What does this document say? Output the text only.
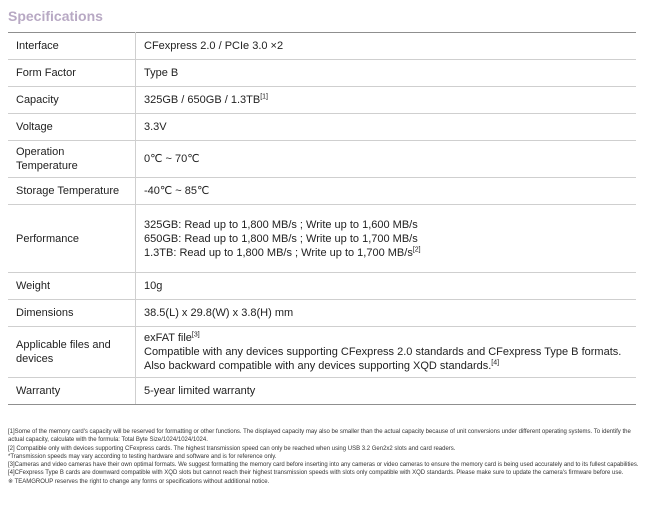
Specifications
Interface	CFexpress 2.0 / PCIe 3.0 ×2
Form Factor	Type B
Capacity	325GB / 650GB / 1.3TB[1]
Voltage	3.3V
Operation Temperature	0℃ ~ 70℃
Storage Temperature	-40℃ ~ 85℃
Performance	325GB: Read up to 1,800 MB/s ; Write up to 1,600 MB/s
650GB: Read up to 1,800 MB/s ; Write up to 1,700 MB/s
1.3TB: Read up to 1,800 MB/s ; Write up to 1,700 MB/s[2]

Weight	10g
Dimensions	38.5(L) x 29.8(W) x 3.8(H) mm
Applicable files and devices	exFAT file[3]
Compatible with any devices supporting CFexpress 2.0 standards and CFexpress Type B formats.
Also backward compatible with any devices supporting XQD standards.[4]

Warranty	5-year limited warranty
[1]Some of the memory card's capacity will be reserved for formatting or other functions. The displayed capacity may also be smaller than the actual capacity because of unit conversions under different operating systems. To identify the actual capacity, calculate with the formula: Total Byte Size/1024/1024/1024.
[2] Compatible only with devices supporting CFexpress cards. The highest transmission speed can only be reached when using USB 3.2 Gen2x2 slots and card readers.
*Transmission speeds may vary according to testing hardware and software and is for reference only.
[3]Cameras and video cameras have their own optimal formats. We suggest formatting the memory card before inserting into any cameras or video cameras to ensure the memory card is being used accurately and to its fullest capabilities.
[4]CFexpress Type B cards are downward compatible with XQD slots but cannot reach their highest transmission speeds with slots only compatible with XQD standards. Please make sure to update the camera's firmware before use.
※ TEAMGROUP reserves the right to change any forms or specifications without additional notice.
